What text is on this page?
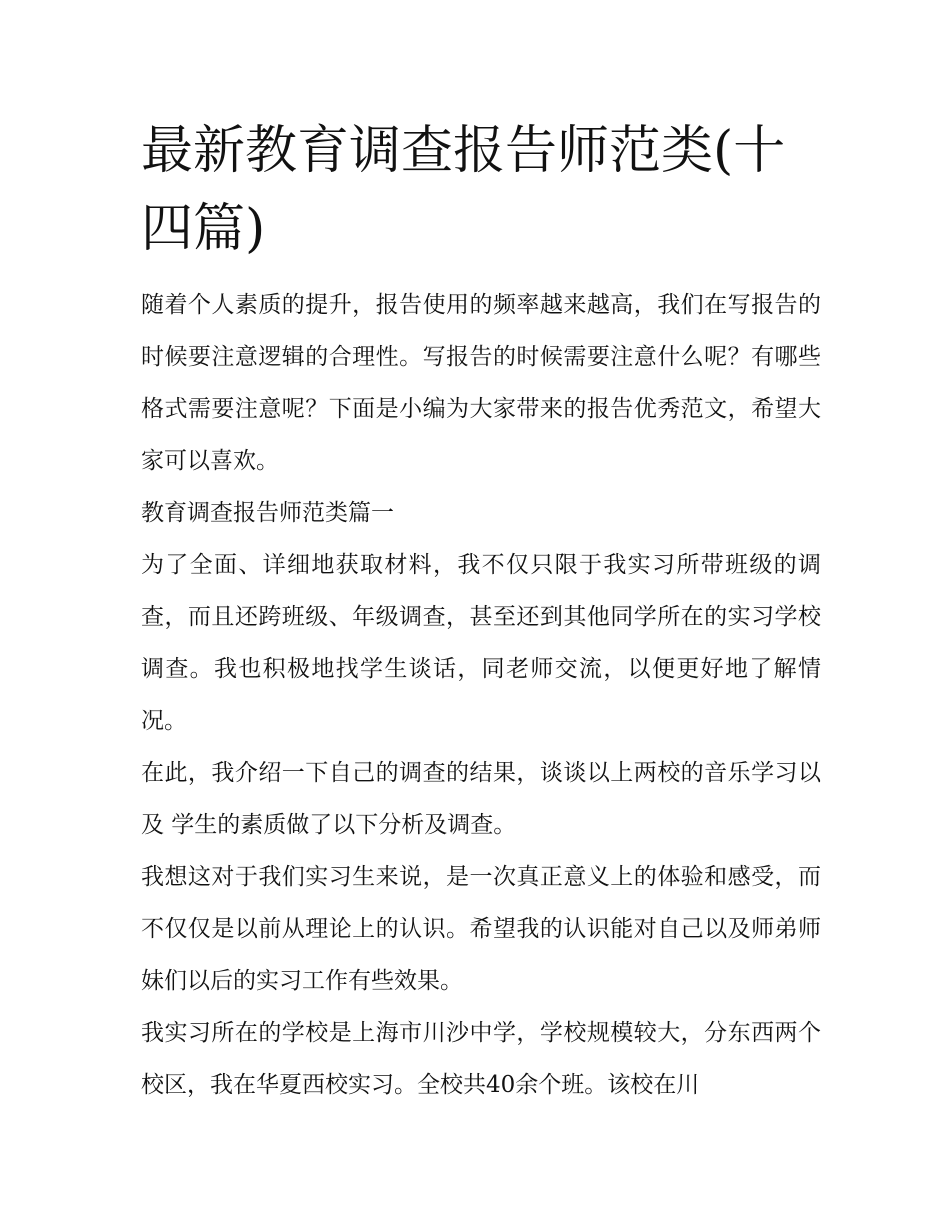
最新教育调查报告师范类(十四篇)

随着个人素质的提升，报告使用的频率越来越高，我们在写报告的时候要注意逻辑的合理性。写报告的时候需要注意什么呢？有哪些格式需要注意呢？下面是小编为大家带来的报告优秀范文，希望大家可以喜欢。

教育调查报告师范类篇一

为了全面、详细地获取材料，我不仅只限于我实习所带班级的调查，而且还跨班级、年级调查，甚至还到其他同学所在的实习学校调查。我也积极地找学生谈话，同老师交流，以便更好地了解情况。

在此，我介绍一下自己的调查的结果，谈谈以上两校的音乐学习以及 学生的素质做了以下分析及调查。

我想这对于我们实习生来说，是一次真正意义上的体验和感受，而不仅仅是以前从理论上的认识。希望我的认识能对自己以及师弟师妹们以后的实习工作有些效果。

我实习所在的学校是上海市川沙中学，学校规模较大，分东西两个校区，我在华夏西校实习。全校共40余个班。该校在川
